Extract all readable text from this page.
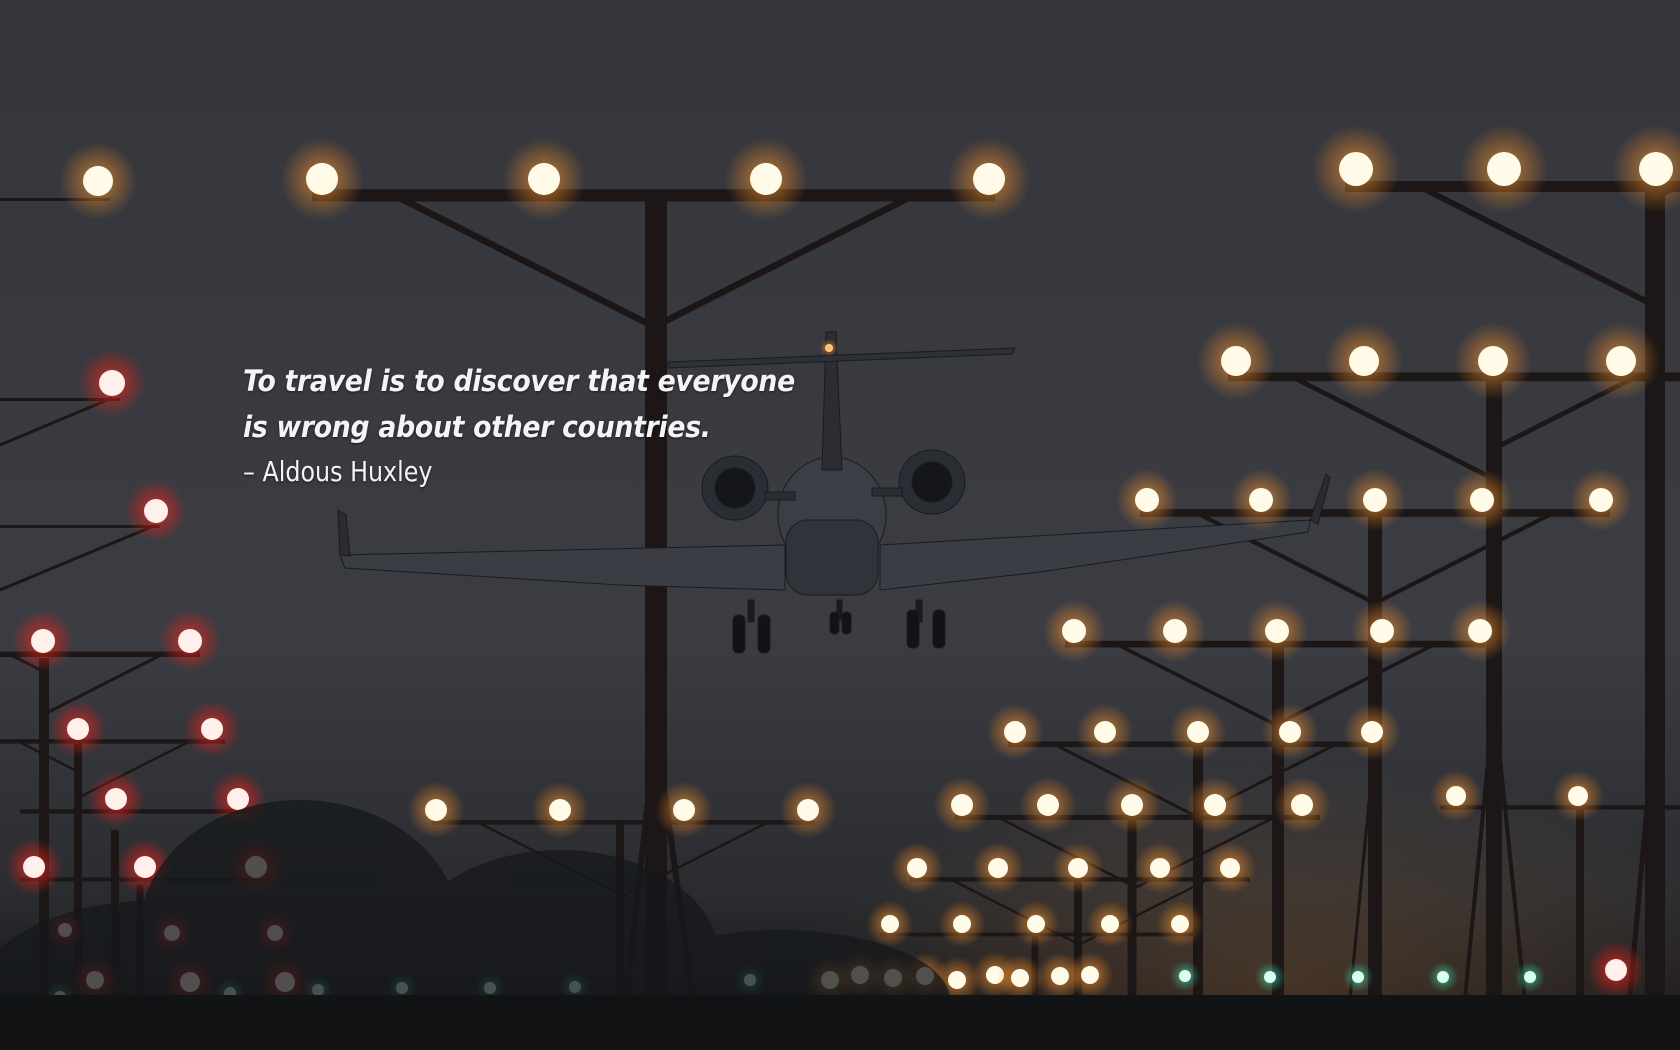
To travel is to discover that everyone
is wrong about other countries.
– Aldous Huxley
